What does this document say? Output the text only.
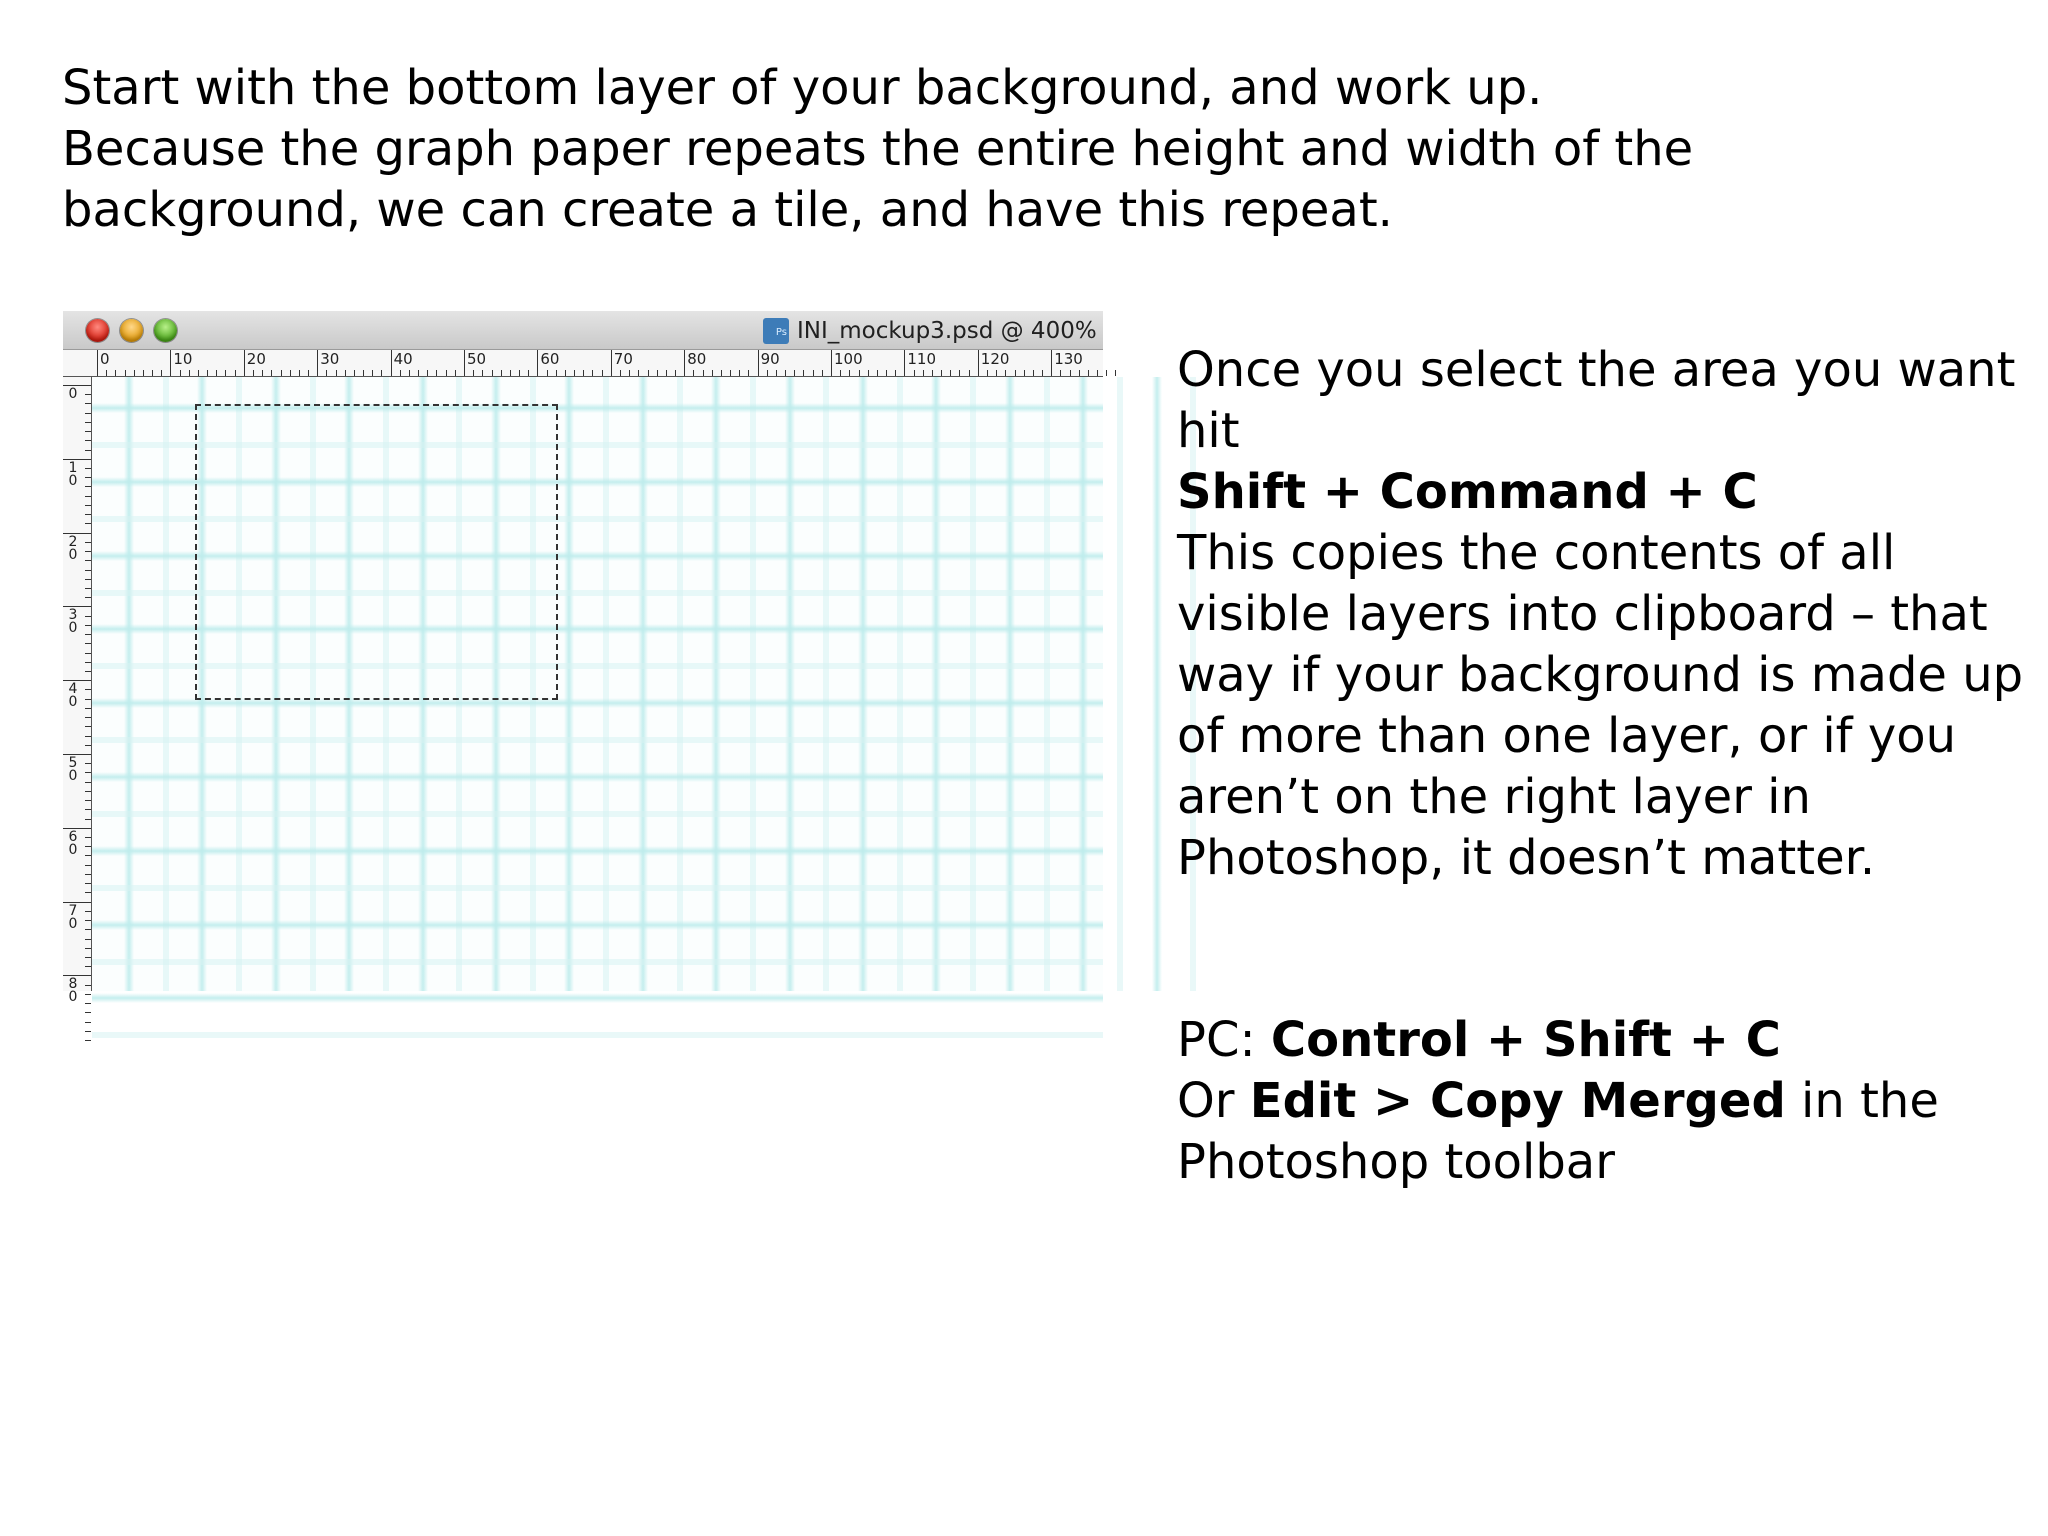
Start with the bottom layer of your background, and work up.

Because the graph paper repeats the entire height and width of the background, we can create a tile, and have this repeat.

Ps INI_mockup3.psd @ 400%
0	10	20	30	40	50	60	70	80	90	100	110	120	130
0
1
0
2
0
3
0
4
0
5
0
6
0
7
0
8
0

Once you select the area you want hit

Shift + Command + C

This copies the contents of all visible layers into clipboard – that way if your background is made up of more than one layer, or if you aren’t on the right layer in Photoshop, it doesn’t matter.

PC: Control + Shift + C

Or Edit > Copy Merged in the Photoshop toolbar
